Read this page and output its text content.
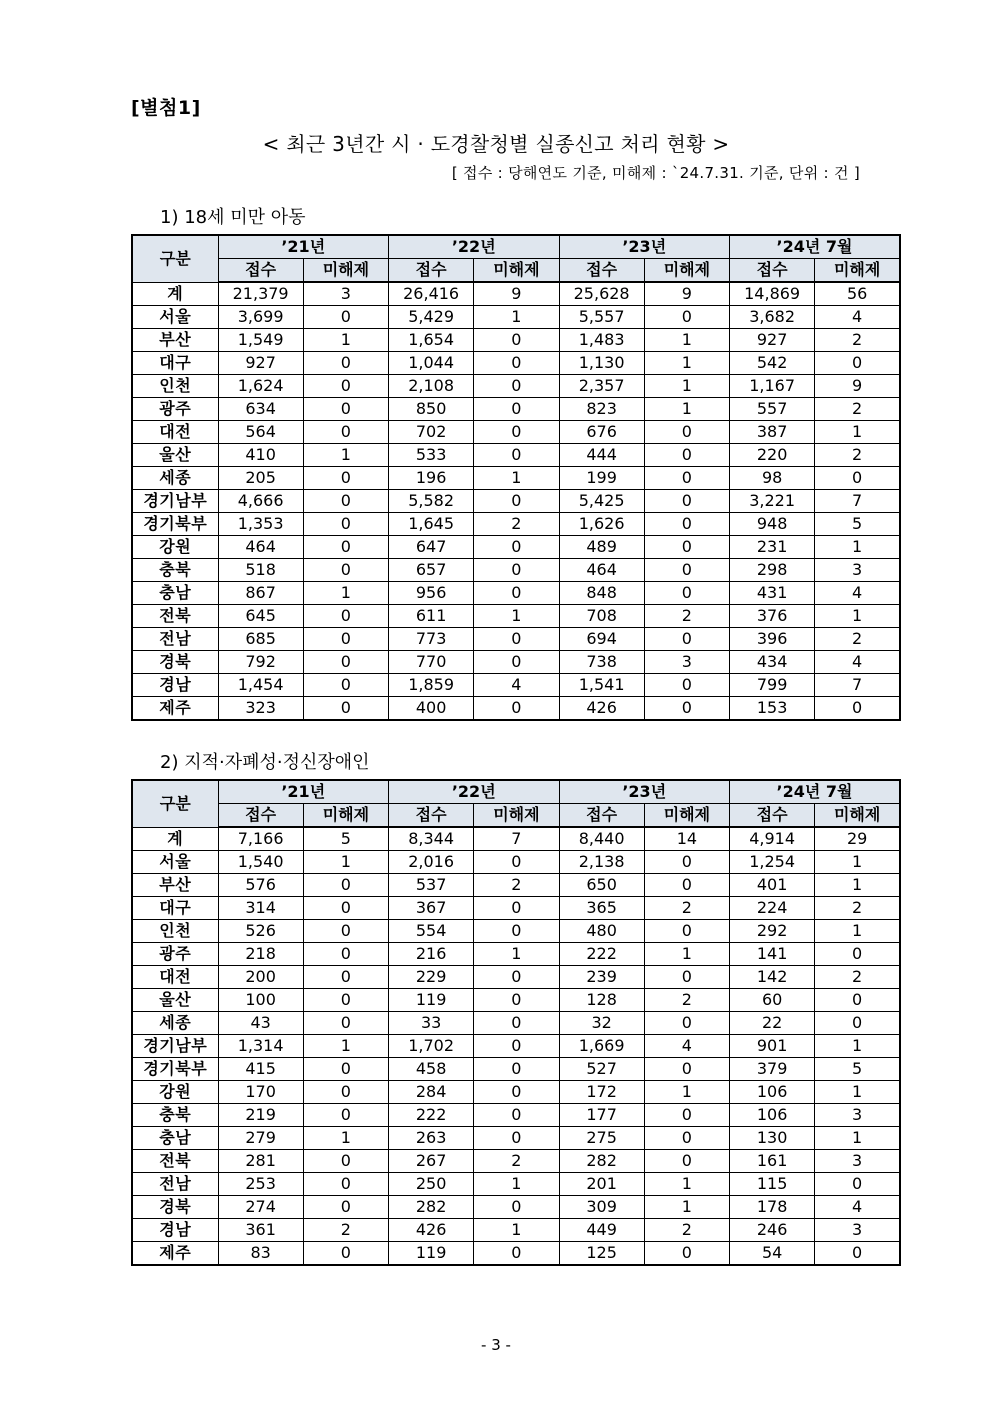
[별첨1]
< 최근 3년간 시 · 도경찰청별 실종신고 처리 현황 >
[ 접수 : 당해연도 기준, 미해제 : `24.7.31. 기준, 단위 : 건 ]
1) 18세 미만 아동
구분	’21년		’22년		’23년		’24년 7월	
	접수	미해제	접수	미해제	접수	미해제	접수	미해제
계	21,379	3	26,416	9	25,628	9	14,869	56
서울	3,699	0	5,429	1	5,557	0	3,682	4
부산	1,549	1	1,654	0	1,483	1	927	2
대구	927	0	1,044	0	1,130	1	542	0
인천	1,624	0	2,108	0	2,357	1	1,167	9
광주	634	0	850	0	823	1	557	2
대전	564	0	702	0	676	0	387	1
울산	410	1	533	0	444	0	220	2
세종	205	0	196	1	199	0	98	0
경기남부	4,666	0	5,582	0	5,425	0	3,221	7
경기북부	1,353	0	1,645	2	1,626	0	948	5
강원	464	0	647	0	489	0	231	1
충북	518	0	657	0	464	0	298	3
충남	867	1	956	0	848	0	431	4
전북	645	0	611	1	708	2	376	1
전남	685	0	773	0	694	0	396	2
경북	792	0	770	0	738	3	434	4
경남	1,454	0	1,859	4	1,541	0	799	7
제주	323	0	400	0	426	0	153	0
2) 지적·자폐성·정신장애인
구분	’21년		’22년		’23년		’24년 7월	
	접수	미해제	접수	미해제	접수	미해제	접수	미해제
계	7,166	5	8,344	7	8,440	14	4,914	29
서울	1,540	1	2,016	0	2,138	0	1,254	1
부산	576	0	537	2	650	0	401	1
대구	314	0	367	0	365	2	224	2
인천	526	0	554	0	480	0	292	1
광주	218	0	216	1	222	1	141	0
대전	200	0	229	0	239	0	142	2
울산	100	0	119	0	128	2	60	0
세종	43	0	33	0	32	0	22	0
경기남부	1,314	1	1,702	0	1,669	4	901	1
경기북부	415	0	458	0	527	0	379	5
강원	170	0	284	0	172	1	106	1
충북	219	0	222	0	177	0	106	3
충남	279	1	263	0	275	0	130	1
전북	281	0	267	2	282	0	161	3
전남	253	0	250	1	201	1	115	0
경북	274	0	282	0	309	1	178	4
경남	361	2	426	1	449	2	246	3
제주	83	0	119	0	125	0	54	0
- 3 -
